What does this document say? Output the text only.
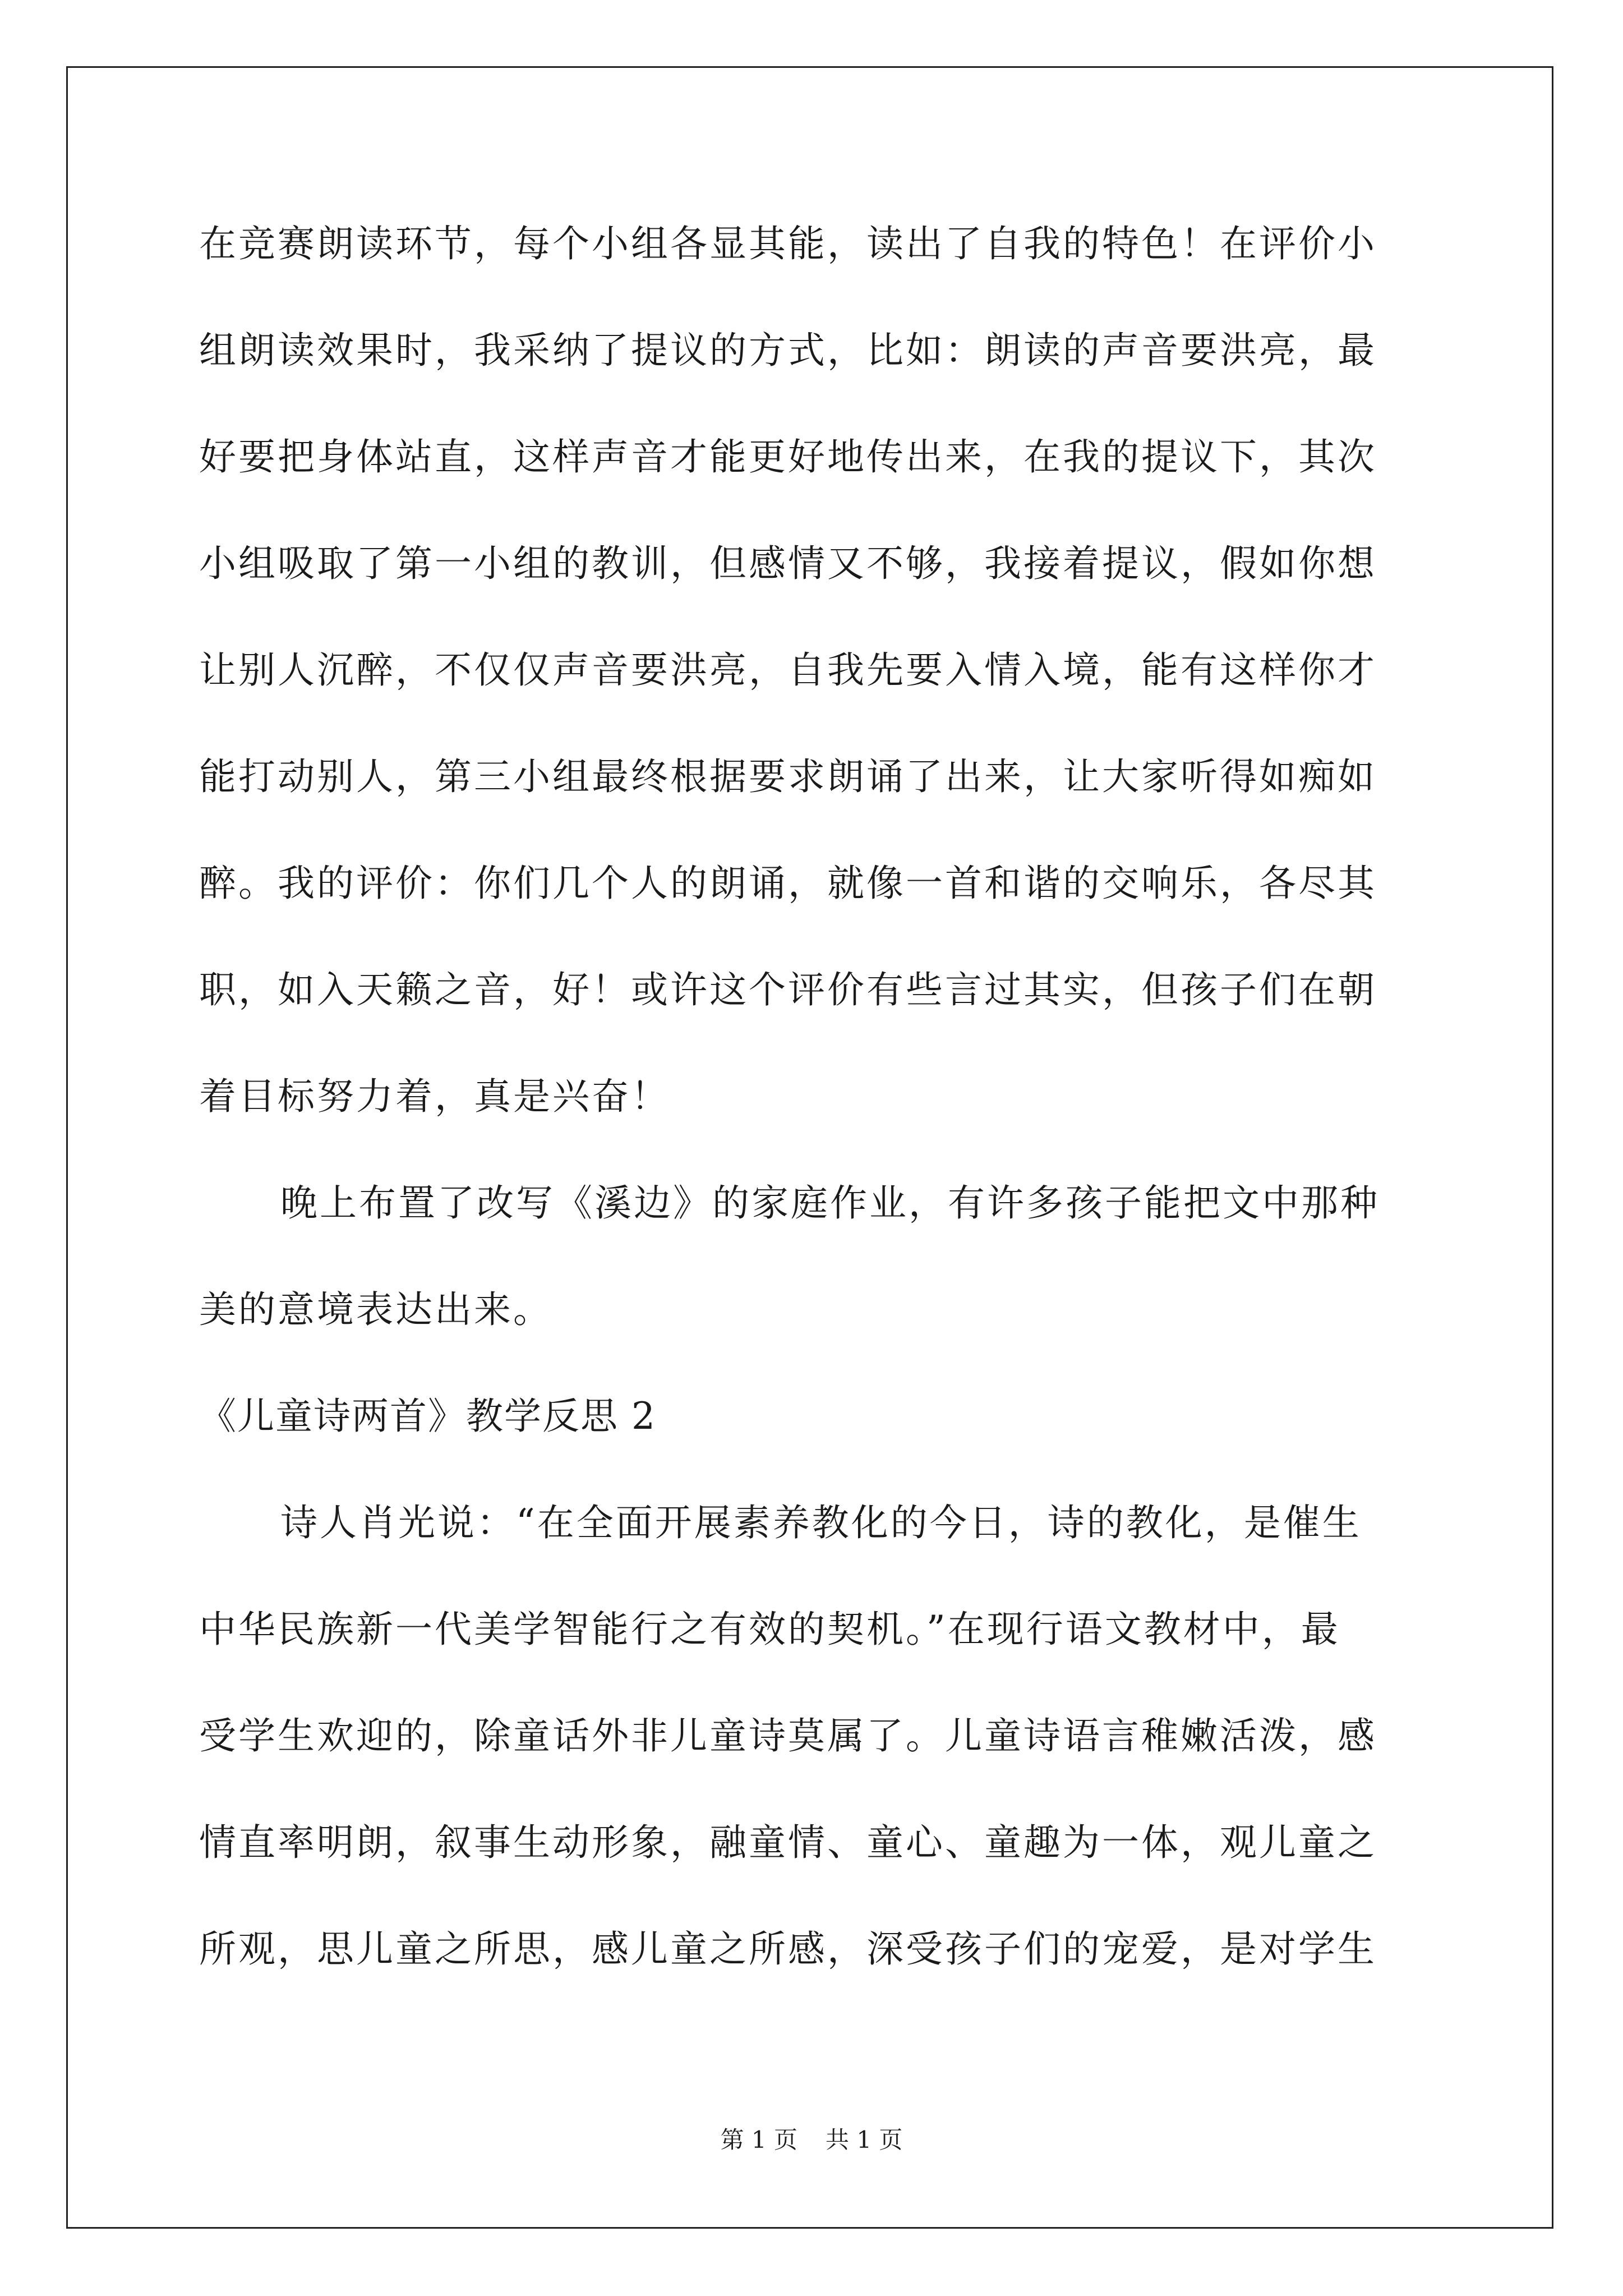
在竞赛朗读环节，每个小组各显其能，读出了自我的特色！在评价小
组朗读效果时，我采纳了提议的方式，比如：朗读的声音要洪亮，最
好要把身体站直，这样声音才能更好地传出来，在我的提议下，其次
小组吸取了第一小组的教训，但感情又不够，我接着提议，假如你想
让别人沉醉，不仅仅声音要洪亮，自我先要入情入境，能有这样你才
能打动别人，第三小组最终根据要求朗诵了出来，让大家听得如痴如
醉。我的评价：你们几个人的朗诵，就像一首和谐的交响乐，各尽其
职，如入天籁之音，好！或许这个评价有些言过其实，但孩子们在朝
着目标努力着，真是兴奋！
晚上布置了改写《溪边》的家庭作业，有许多孩子能把文中那种
美的意境表达出来。
《儿童诗两首》教学反思 2
诗人肖光说：“在全面开展素养教化的今日，诗的教化，是催生
中华民族新一代美学智能行之有效的契机。”在现行语文教材中，最
受学生欢迎的，除童话外非儿童诗莫属了。儿童诗语言稚嫩活泼，感
情直率明朗，叙事生动形象，融童情、童心、童趣为一体，观儿童之
所观，思儿童之所思，感儿童之所感，深受孩子们的宠爱，是对学生
第 1 页 共 1 页
